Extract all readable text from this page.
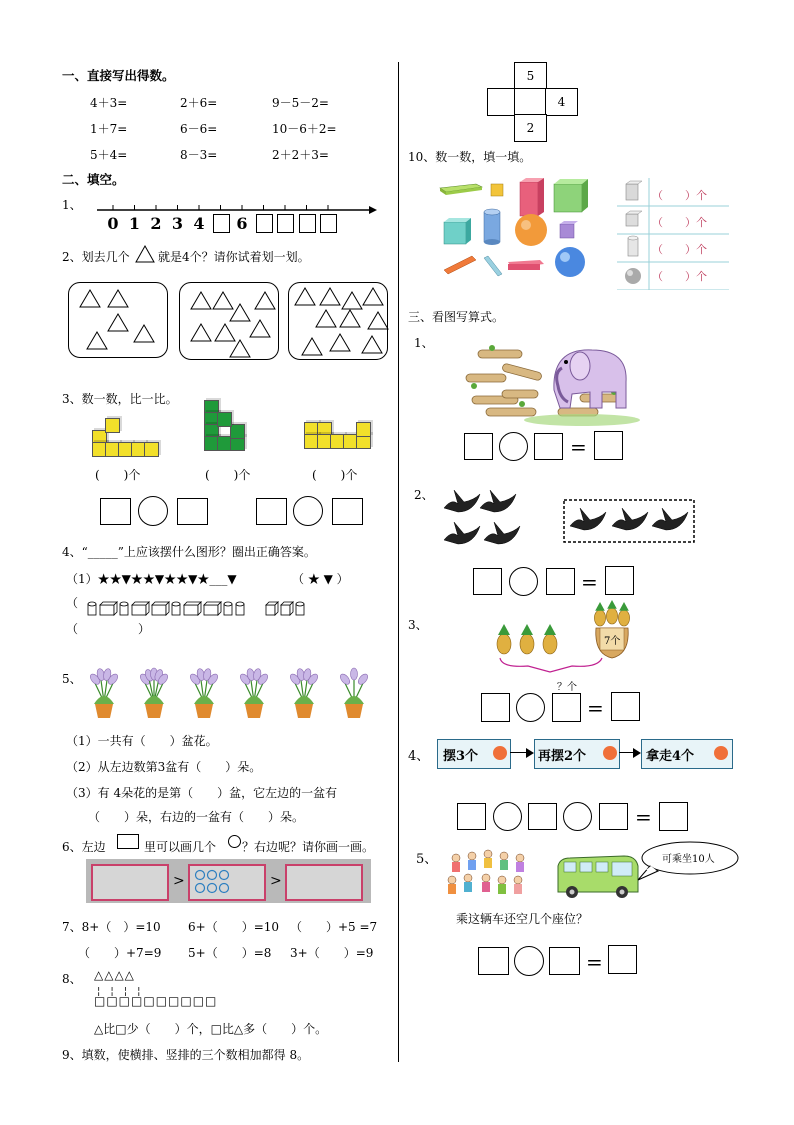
一、直接写出得数。
4＋3=	2＋6=	9－5－2=
1＋7=	6－6=	10－6＋2=
5＋4=	8－3=	2＋2＋3=
二、填空。
1、
0 1 2 3 4 6
2、划去几个 就是4个？请你试着划一划。
3、数一数，比一比。
(　　)个	(　　)个	(　　)个
4、“_____”上应该摆什么图形？圈出正确答案。
（1）★★▼★★▼★★▼★___▼	（ ★ ▼ ）
（
（　　　　　）
5、
（1）一共有（　　）盆花。
（2）从左边数第3盆有（　　）朵。
（3）有 4朵花的是第（　　）盆，它左边的一盆有
（　　）朵，右边的一盆有（　　）朵。
6、左边	里可以画几个 ？右边呢？请你画一画。
>	>
7、8+（　）=10 6+（　　）=10 （　　）+5 =7
（　　）+7=9 5+（　　）=8 3+（　　）=9
8、 △△△△
¦　¦　¦　¦
□□□□□□□□□□
△比□少（　　）个，□比△多（　　）个。
9、填数，使横排、竖排的三个数相加都得 8。
5
4
2
10、数一数，填一填。
（　　）个
（　　）个
（　　）个
（　　）个
三、看图写算式。
1、
=
2、
=
3、
7个
？个
=
4、 摆3个	再摆2个	拿走4个
=
5、	可乘坐10人
乘这辆车还空几个座位？
=
